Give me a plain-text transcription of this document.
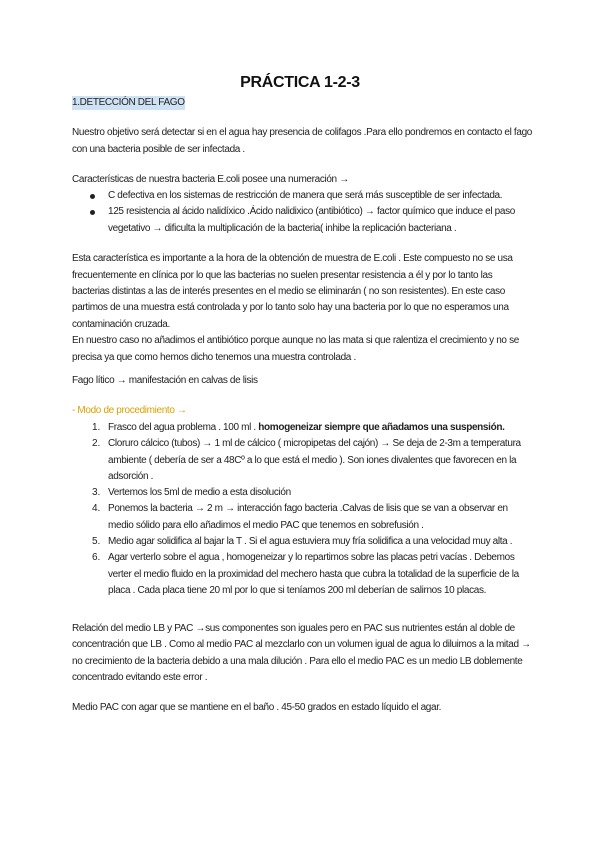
PRÁCTICA 1-2-3
1.DETECCIÓN DEL FAGO
Nuestro objetivo será detectar si en el agua hay presencia de colifagos .Para ello pondremos en contacto el fago
con una bacteria posible de ser infectada .
Características de nuestra bacteria E.coli posee una numeración →
C defectiva en los sistemas de restricción de manera que será más susceptible de ser infectada.
125 resistencia al ácido nalidíxico .Ácido nalidixico (antibiótico) → factor químico que induce el paso
vegetativo → dificulta la multiplicación de la bacteria( inhibe la replicación bacteriana .
Esta característica es importante a la hora de la obtención de muestra de E.coli . Este compuesto no se usa
frecuentemente en clínica por lo que las bacterias no suelen presentar resistencia a él y por lo tanto las
bacterias distintas a las de interés presentes en el medio se eliminarán ( no son resistentes). En este caso
partimos de una muestra está controlada y por lo tanto solo hay una bacteria por lo que no esperamos una
contaminación cruzada.
En nuestro caso no añadimos el antibiótico porque aunque no las mata si que ralentiza el crecimiento y no se
precisa ya que como hemos dicho tenemos una muestra controlada .
Fago lítico → manifestación en calvas de lisis
- Modo de procedimiento →
1. Frasco del agua problema . 100 ml . homogeneizar siempre que añadamos una suspensión.
2. Cloruro cálcico (tubos) → 1 ml de cálcico ( micropipetas del cajón) → Se deja de 2-3m a temperatura
ambiente ( debería de ser a 48Cº a lo que está el medio ). Son iones divalentes que favorecen en la
adsorción .
3. Vertemos los 5ml de medio a esta disolución
4. Ponemos la bacteria → 2 m → interacción fago bacteria .Calvas de lisis que se van a observar en
medio sólido para ello añadimos el medio PAC que tenemos en sobrefusión .
5. Medio agar solidifica al bajar la T . Si el agua estuviera muy fría solidifica a una velocidad muy alta .
6. Agar verterlo sobre el agua , homogeneizar y lo repartimos sobre las placas petri vacías . Debemos
verter el medio fluido en la proximidad del mechero hasta que cubra la totalidad de la superficie de la
placa . Cada placa tiene 20 ml por lo que si teníamos 200 ml deberían de salirnos 10 placas.
Relación del medio LB y PAC →sus componentes son iguales pero en PAC sus nutrientes están al doble de
concentración que LB . Como al medio PAC al mezclarlo con un volumen igual de agua lo diluimos a la mitad →
no crecimiento de la bacteria debido a una mala dilución . Para ello el medio PAC es un medio LB doblemente
concentrado evitando este error .
Medio PAC con agar que se mantiene en el baño . 45-50 grados en estado líquido el agar.
